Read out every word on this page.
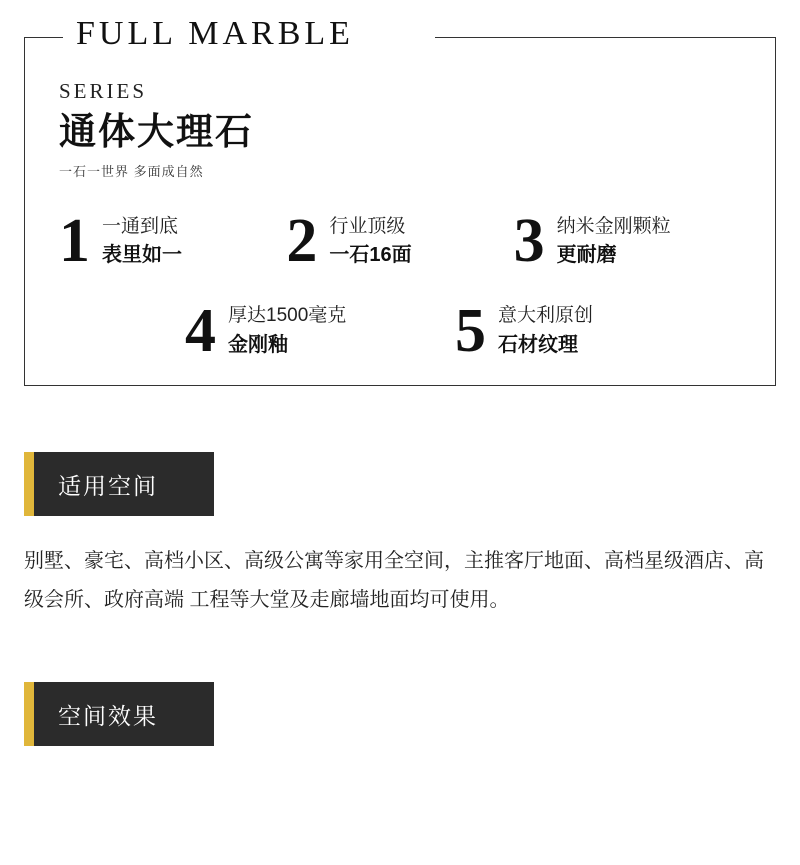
FULL MARBLE
SERIES
通体大理石
一石一世界 多面成自然
1 一通到底
表里如一 2 行业顶级
一石16面 3 纳米金刚颗粒
更耐磨
4 厚达1500毫克
金刚釉	5 意大利原创
石材纹理
适用空间

别墅、豪宅、高档小区、高级公寓等家用全空间，主推客厅地面、高档星级酒店、高级会所、政府高端 工程等大堂及走廊墙地面均可使用。

空间效果
